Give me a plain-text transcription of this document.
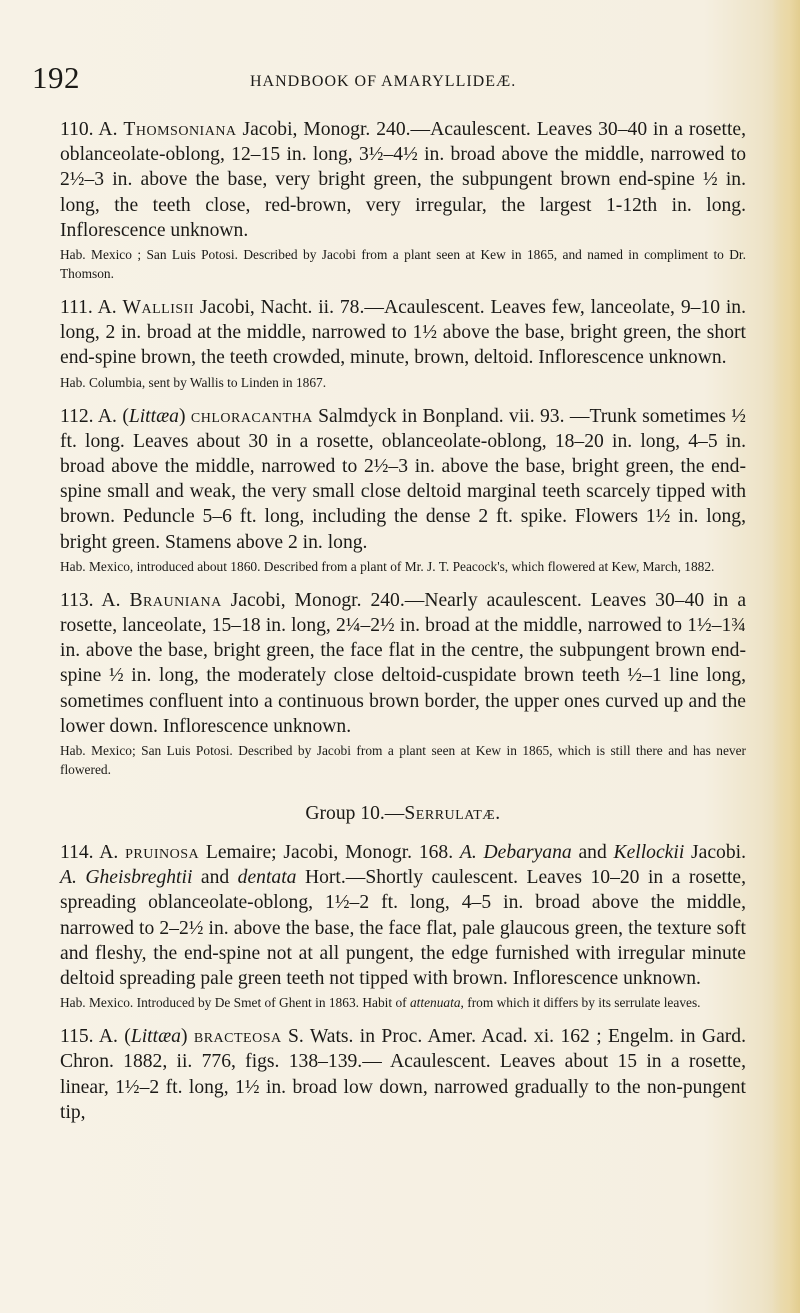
192	HANDBOOK OF AMARYLLIDEÆ.

110. A. Thomsoniana Jacobi, Monogr. 240.—Acaulescent. Leaves 30–40 in a rosette, oblanceolate-oblong, 12–15 in. long, 3½–4½ in. broad above the middle, narrowed to 2½–3 in. above the base, very bright green, the subpungent brown end-spine ½ in. long, the teeth close, red-brown, very irregular, the largest 1-12th in. long. Inflorescence unknown.

Hab. Mexico ; San Luis Potosi. Described by Jacobi from a plant seen at Kew in 1865, and named in compliment to Dr. Thomson.

111. A. Wallisii Jacobi, Nacht. ii. 78.—Acaulescent. Leaves few, lanceolate, 9–10 in. long, 2 in. broad at the middle, narrowed to 1½ above the base, bright green, the short end-spine brown, the teeth crowded, minute, brown, deltoid. Inflorescence unknown.

Hab. Columbia, sent by Wallis to Linden in 1867.

112. A. (Littæa) chloracantha Salmdyck in Bonpland. vii. 93. —Trunk sometimes ½ ft. long. Leaves about 30 in a rosette, oblanceolate-oblong, 18–20 in. long, 4–5 in. broad above the middle, narrowed to 2½–3 in. above the base, bright green, the end-spine small and weak, the very small close deltoid marginal teeth scarcely tipped with brown. Peduncle 5–6 ft. long, including the dense 2 ft. spike. Flowers 1½ in. long, bright green. Stamens above 2 in. long.

Hab. Mexico, introduced about 1860. Described from a plant of Mr. J. T. Peacock's, which flowered at Kew, March, 1882.

113. A. Brauniana Jacobi, Monogr. 240.—Nearly acaulescent. Leaves 30–40 in a rosette, lanceolate, 15–18 in. long, 2¼–2½ in. broad at the middle, narrowed to 1½–1¾ in. above the base, bright green, the face flat in the centre, the subpungent brown end-spine ½ in. long, the moderately close deltoid-cuspidate brown teeth ½–1 line long, sometimes confluent into a continuous brown border, the upper ones curved up and the lower down. Inflorescence unknown.

Hab. Mexico; San Luis Potosi. Described by Jacobi from a plant seen at Kew in 1865, which is still there and has never flowered.

Group 10.—Serrulatæ.

114. A. pruinosa Lemaire; Jacobi, Monogr. 168. A. Debaryana and Kellockii Jacobi. A. Gheisbreghtii and dentata Hort.—Shortly caulescent. Leaves 10–20 in a rosette, spreading oblanceolate-oblong, 1½–2 ft. long, 4–5 in. broad above the middle, narrowed to 2–2½ in. above the base, the face flat, pale glaucous green, the texture soft and fleshy, the end-spine not at all pungent, the edge furnished with irregular minute deltoid spreading pale green teeth not tipped with brown. Inflorescence unknown.

Hab. Mexico. Introduced by De Smet of Ghent in 1863. Habit of attenuata, from which it differs by its serrulate leaves.

115. A. (Littæa) bracteosa S. Wats. in Proc. Amer. Acad. xi. 162 ; Engelm. in Gard. Chron. 1882, ii. 776, figs. 138–139.— Acaulescent. Leaves about 15 in a rosette, linear, 1½–2 ft. long, 1½ in. broad low down, narrowed gradually to the non-pungent tip,
